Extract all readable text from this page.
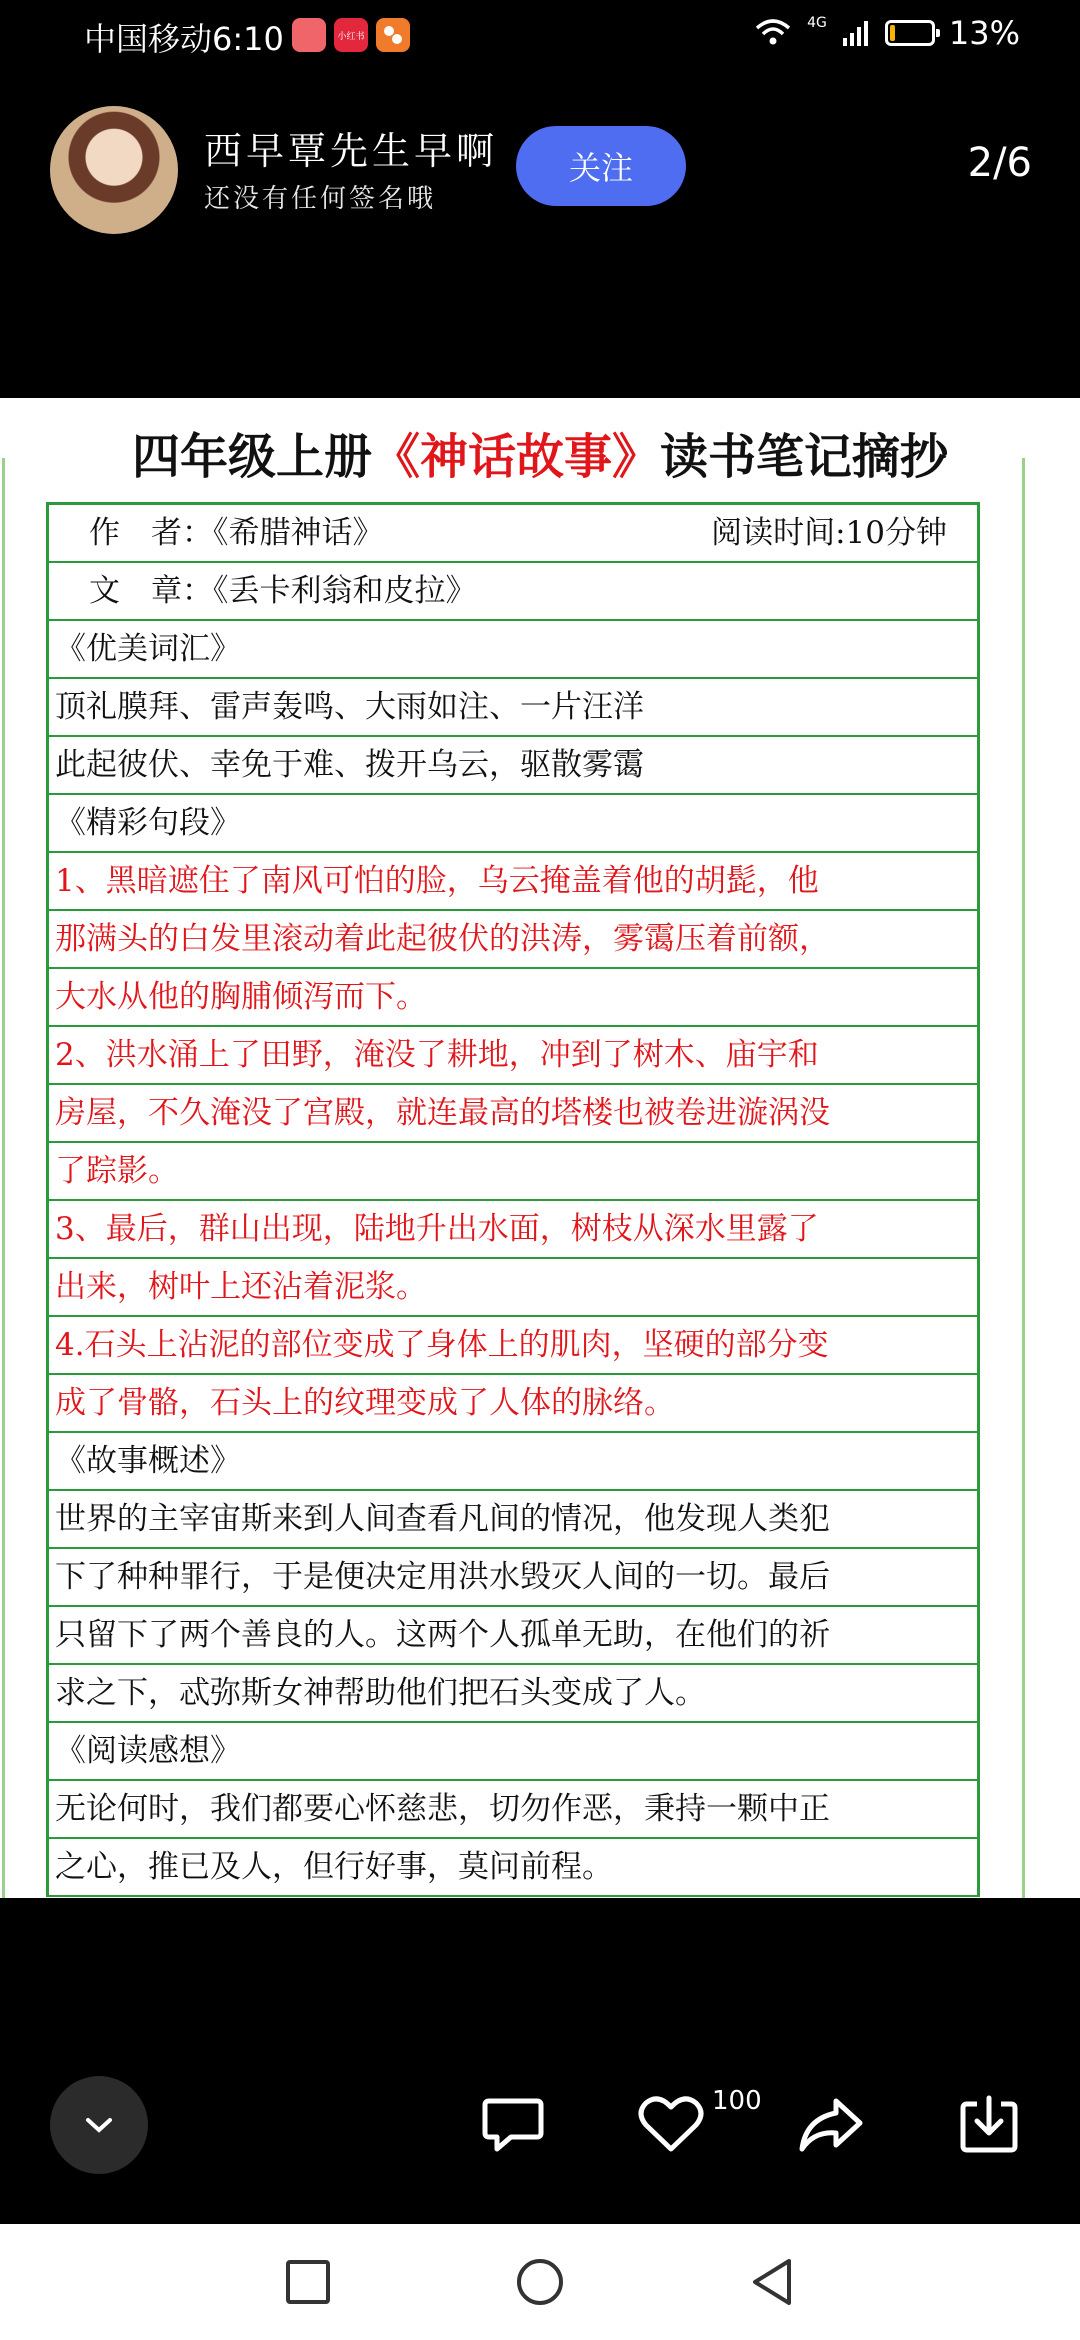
中国移动6:10	小红书
4G	13%
西早覃先生早啊
还没有任何签名哦
关注	2/6
四年级上册《神话故事》读书笔记摘抄
作　者：《希腊神话》	阅读时间:10分钟
文　章：《丢卡利翁和皮拉》
《优美词汇》
顶礼膜拜、雷声轰鸣、大雨如注、一片汪洋
此起彼伏、幸免于难、拨开乌云，驱散雾霭
《精彩句段》
1、黑暗遮住了南风可怕的脸，乌云掩盖着他的胡髭，他
那满头的白发里滚动着此起彼伏的洪涛，雾霭压着前额，
大水从他的胸脯倾泻而下。
2、洪水涌上了田野，淹没了耕地，冲到了树木、庙宇和
房屋，不久淹没了宫殿，就连最高的塔楼也被卷进漩涡没
了踪影。
3、最后，群山出现，陆地升出水面，树枝从深水里露了
出来，树叶上还沾着泥浆。
4.石头上沾泥的部位变成了身体上的肌肉，坚硬的部分变
成了骨骼，石头上的纹理变成了人体的脉络。
《故事概述》
世界的主宰宙斯来到人间查看凡间的情况，他发现人类犯
下了种种罪行，于是便决定用洪水毁灭人间的一切。最后
只留下了两个善良的人。这两个人孤单无助，在他们的祈
求之下，忒弥斯女神帮助他们把石头变成了人。
《阅读感想》
无论何时，我们都要心怀慈悲，切勿作恶，秉持一颗中正
之心，推已及人，但行好事，莫问前程。
100
